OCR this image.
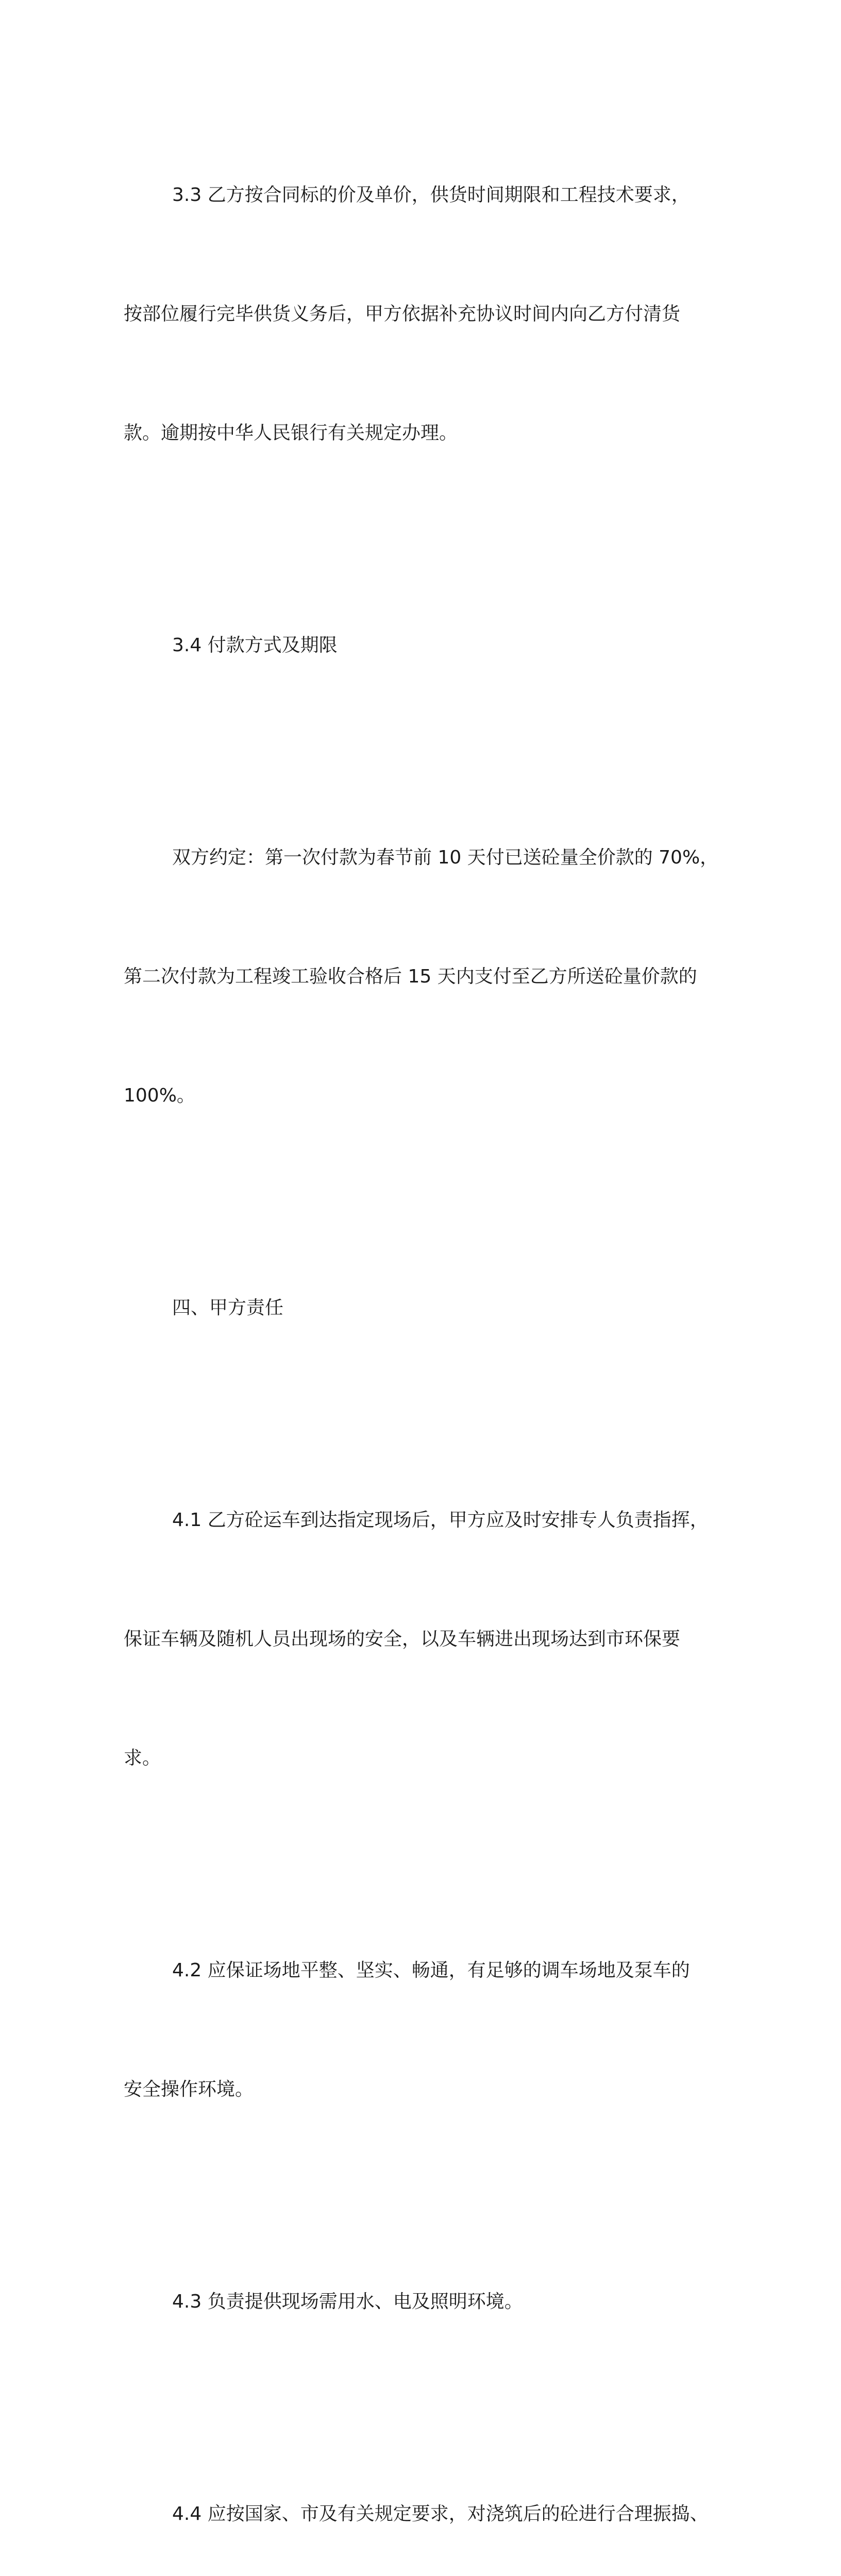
3.3 乙方按合同标的价及单价，供货时间期限和工程技术要求，

按部位履行完毕供货义务后，甲方依据补充协议时间内向乙方付清货

款。逾期按中华人民银行有关规定办理。

3.4 付款方式及期限

双方约定：第一次付款为春节前 10 天付已送砼量全价款的 70%，

第二次付款为工程竣工验收合格后 15 天内支付至乙方所送砼量价款的

100%。

四、甲方责任

4.1 乙方砼运车到达指定现场后，甲方应及时安排专人负责指挥，

保证车辆及随机人员出现场的安全，以及车辆进出现场达到市环保要

求。

4.2 应保证场地平整、坚实、畅通，有足够的调车场地及泵车的

安全操作环境。

4.3 负责提供现场需用水、电及照明环境。

4.4 应按国家、市及有关规定要求，对浇筑后的砼进行合理振捣、
